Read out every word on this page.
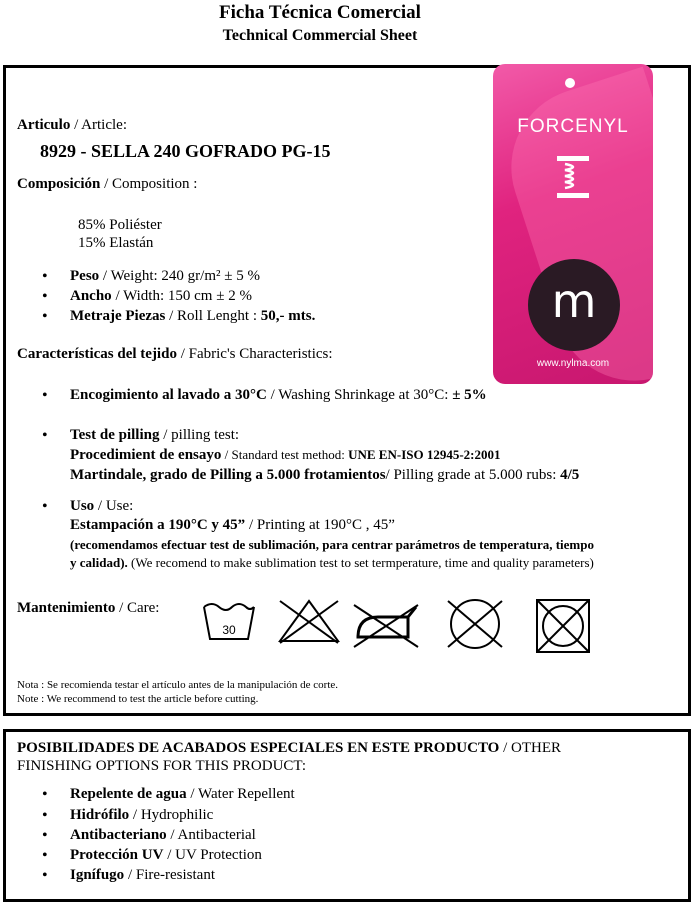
Ficha Técnica Comercial
Technical Commercial Sheet
Articulo / Article:
8929 - SELLA 240 GOFRADO PG-15
Composición / Composition :
85% Poliéster
15% Elastán
• Peso / Weight: 240 gr/m² ± 5 %
• Ancho / Width: 150 cm ± 2 %
• Metraje Piezas / Roll Lenght : 50,- mts.
Características del tejido / Fabric's Characteristics:
• Encogimiento al lavado a 30°C / Washing Shrinkage at 30°C: ± 5%
• Test de pilling / pilling test:
Procedimient de ensayo / Standard test method: UNE EN-ISO 12945-2:2001
Martindale, grado de Pilling a 5.000 frotamientos/ Pilling grade at 5.000 rubs: 4/5
• Uso / Use:
Estampación a 190°C y 45” / Printing at 190°C , 45”
(recomendamos efectuar test de sublimación, para centrar parámetros de temperatura, tiempo
y calidad). (We recomend to make sublimation test to set termperature, time and quality parameters)
Mantenimiento / Care:
30
Nota : Se recomienda testar el artículo antes de la manipulación de corte.
Note : We recommend to test the article before cutting.
FORCENYL
m
www.nylma.com
POSIBILIDADES DE ACABADOS ESPECIALES EN ESTE PRODUCTO / OTHER
FINISHING OPTIONS FOR THIS PRODUCT:
• Repelente de agua / Water Repellent
• Hidrófilo / Hydrophilic
• Antibacteriano / Antibacterial
• Protección UV / UV Protection
• Ignífugo / Fire-resistant
